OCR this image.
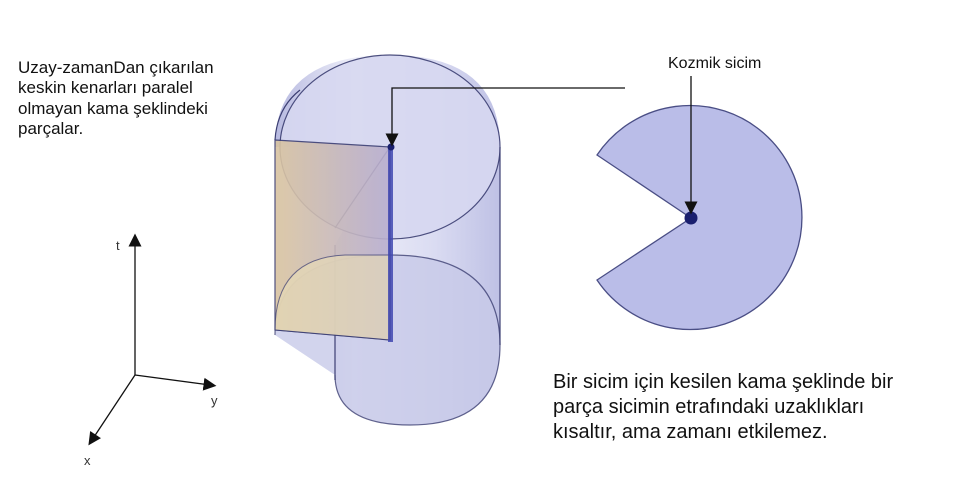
Uzay-zamanDan çıkarılan
keskin kenarları paralel
olmayan kama şeklindeki
parçalar.
Kozmik sicim
Bir sicim için kesilen kama şeklinde bir
parça sicimin etrafındaki uzaklıkları
kısaltır, ama zamanı etkilemez.
t
y
x
